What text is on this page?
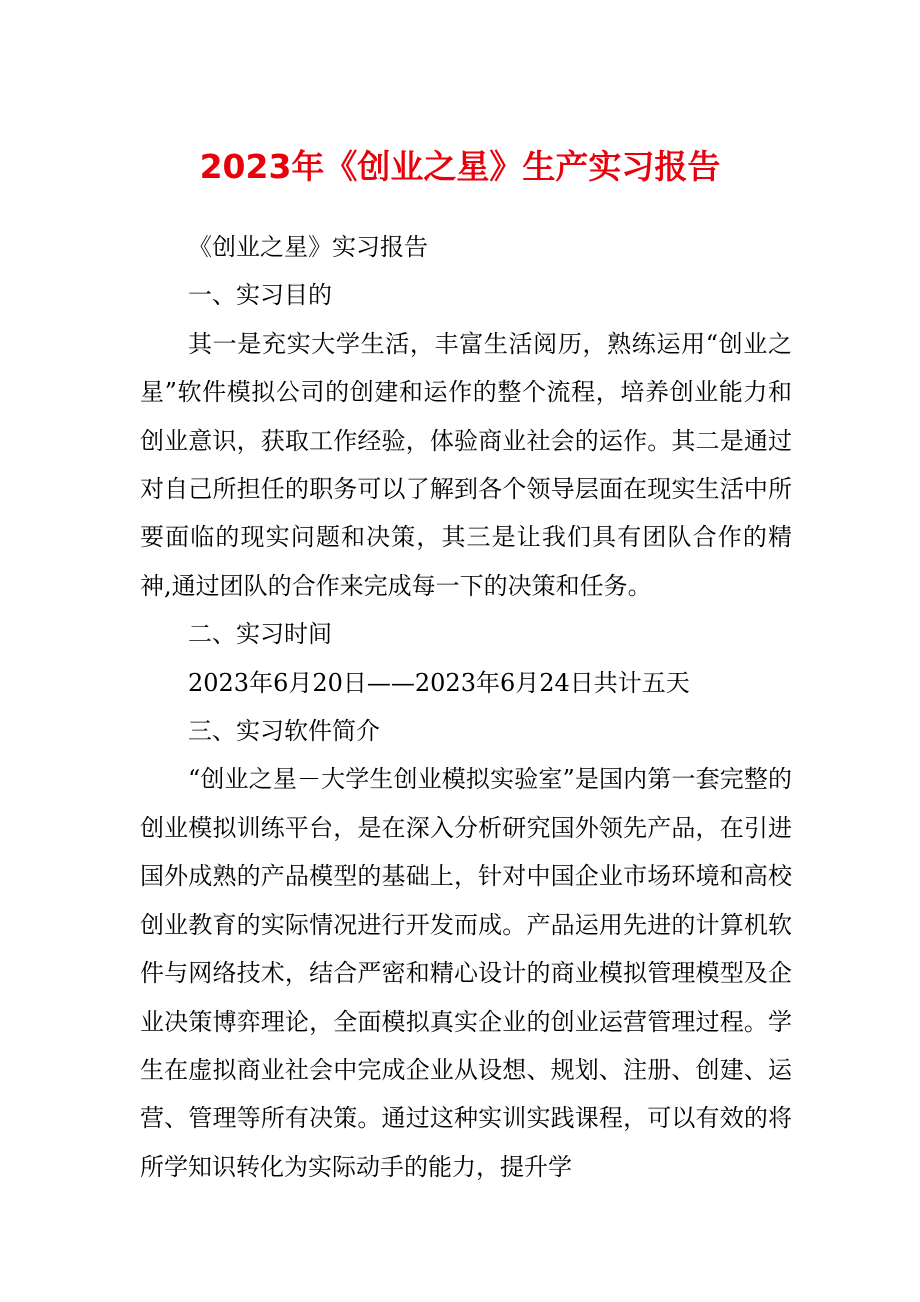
2023年《创业之星》生产实习报告

《创业之星》实习报告

一、实习目的

其一是充实大学生活，丰富生活阅历，熟练运用“创业之星”软件模拟公司的创建和运作的整个流程，培养创业能力和创业意识，获取工作经验，体验商业社会的运作。其二是通过对自己所担任的职务可以了解到各个领导层面在现实生活中所要面临的现实问题和决策，其三是让我们具有团队合作的精神,通过团队的合作来完成每一下的决策和任务。

二、实习时间

2023年6月20日——2023年6月24日共计五天

三、实习软件简介

“创业之星－大学生创业模拟实验室”是国内第一套完整的创业模拟训练平台，是在深入分析研究国外领先产品，在引进国外成熟的产品模型的基础上，针对中国企业市场环境和高校创业教育的实际情况进行开发而成。产品运用先进的计算机软件与网络技术，结合严密和精心设计的商业模拟管理模型及企业决策博弈理论，全面模拟真实企业的创业运营管理过程。学生在虚拟商业社会中完成企业从设想、规划、注册、创建、运营、管理等所有决策。通过这种实训实践课程，可以有效的将所学知识转化为实际动手的能力，提升学
